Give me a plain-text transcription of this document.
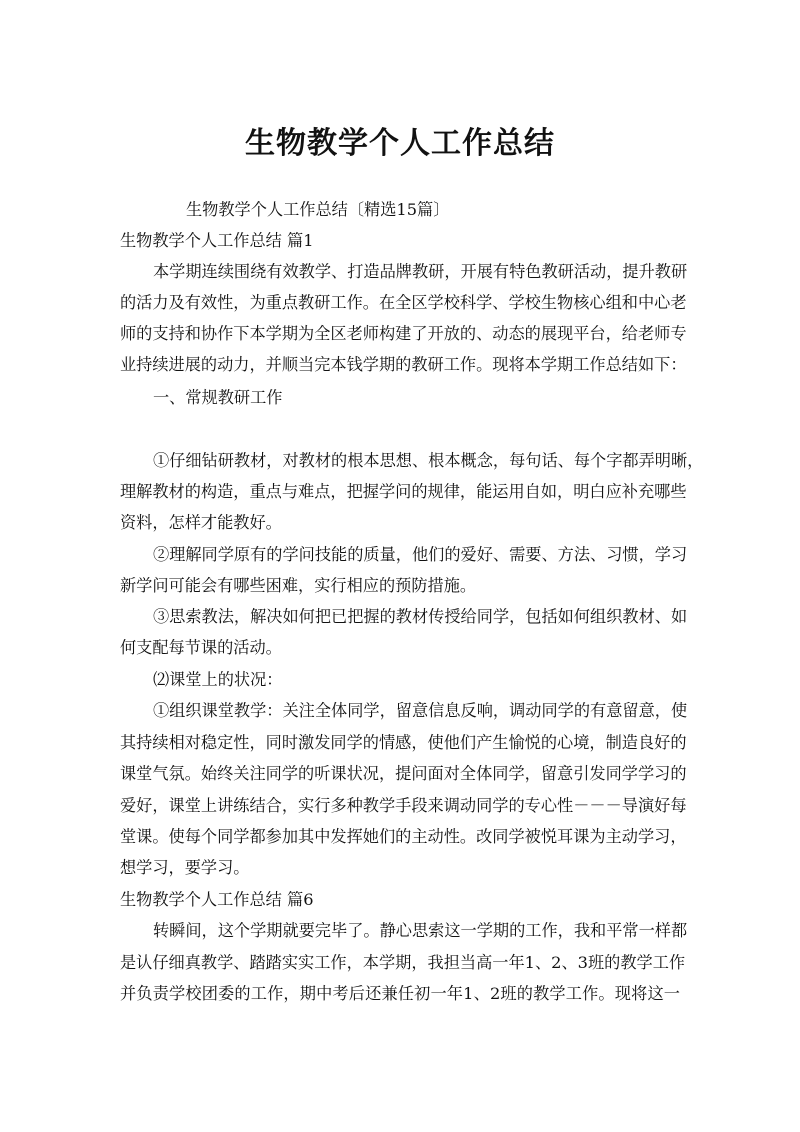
生物教学个人工作总结
生物教学个人工作总结〔精选15篇〕
生物教学个人工作总结 篇1
本学期连续围绕有效教学、打造品牌教研，开展有特色教研活动，提升教研
的活力及有效性，为重点教研工作。在全区学校科学、学校生物核心组和中心老
师的支持和协作下本学期为全区老师构建了开放的、动态的展现平台，给老师专
业持续进展的动力，并顺当完本钱学期的教研工作。现将本学期工作总结如下：
一、常规教研工作
①仔细钻研教材，对教材的根本思想、根本概念，每句话、每个字都弄明晰，
理解教材的构造，重点与难点，把握学问的规律，能运用自如，明白应补充哪些
资料，怎样才能教好。
②理解同学原有的学问技能的质量，他们的爱好、需要、方法、习惯，学习
新学问可能会有哪些困难，实行相应的预防措施。
③思索教法，解决如何把已把握的教材传授给同学，包括如何组织教材、如
何支配每节课的活动。
⑵课堂上的状况：
①组织课堂教学：关注全体同学，留意信息反响，调动同学的有意留意，使
其持续相对稳定性，同时激发同学的情感，使他们产生愉悦的心境，制造良好的
课堂气氛。始终关注同学的听课状况，提问面对全体同学，留意引发同学学习的
爱好，课堂上讲练结合，实行多种教学手段来调动同学的专心性－－－导演好每
堂课。使每个同学都参加其中发挥她们的主动性。改同学被悦耳课为主动学习，
想学习，要学习。
生物教学个人工作总结 篇6
转瞬间，这个学期就要完毕了。静心思索这一学期的工作，我和平常一样都
是认仔细真教学、踏踏实实工作，本学期，我担当高一年1、2、3班的教学工作
并负责学校团委的工作，期中考后还兼任初一年1、2班的教学工作。现将这一
